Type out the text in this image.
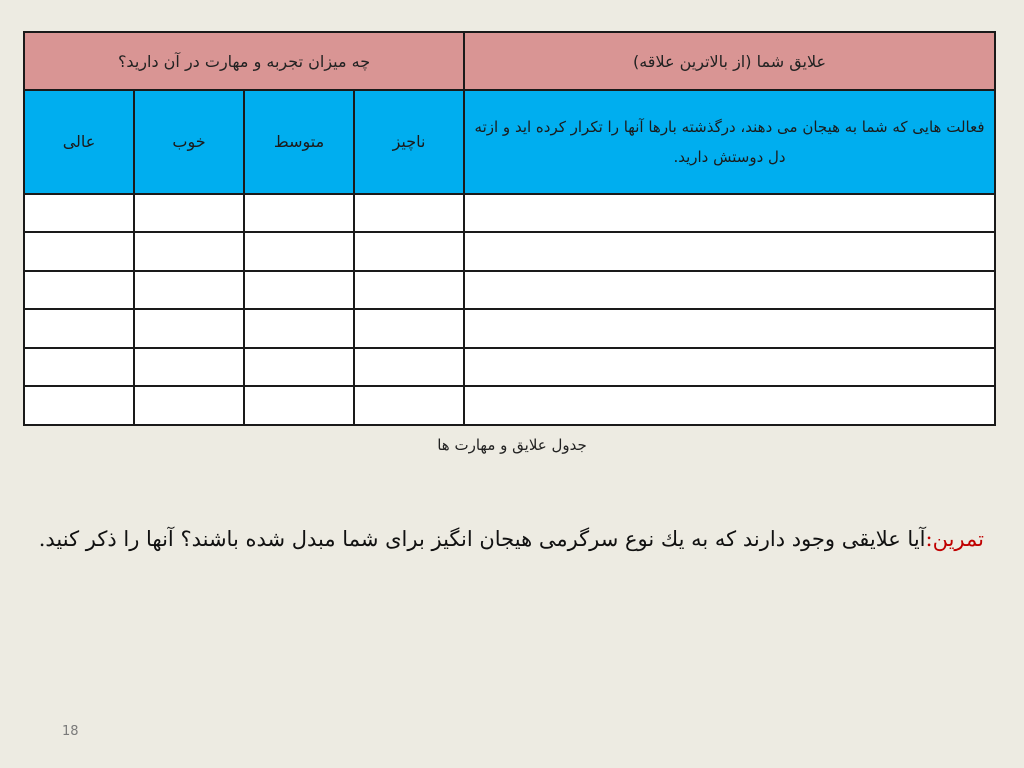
علایق شما (از بالاترین علاقه)	چه میزان تجربه و مهارت در آن دارید؟			
فعالت هایی که شما به هیجان می دهند، درگذشته بارها آنها را تکرار کرده اید و ازته دل دوستش دارید.	ناچیز	متوسط	خوب	عالی

جدول علایق و مهارت ها
تمرین:آیا علایقی وجود دارند که به یك نوع سرگرمی هیجان انگیز برای شما مبدل شده باشند؟ آنها را ذکر کنید.
18
